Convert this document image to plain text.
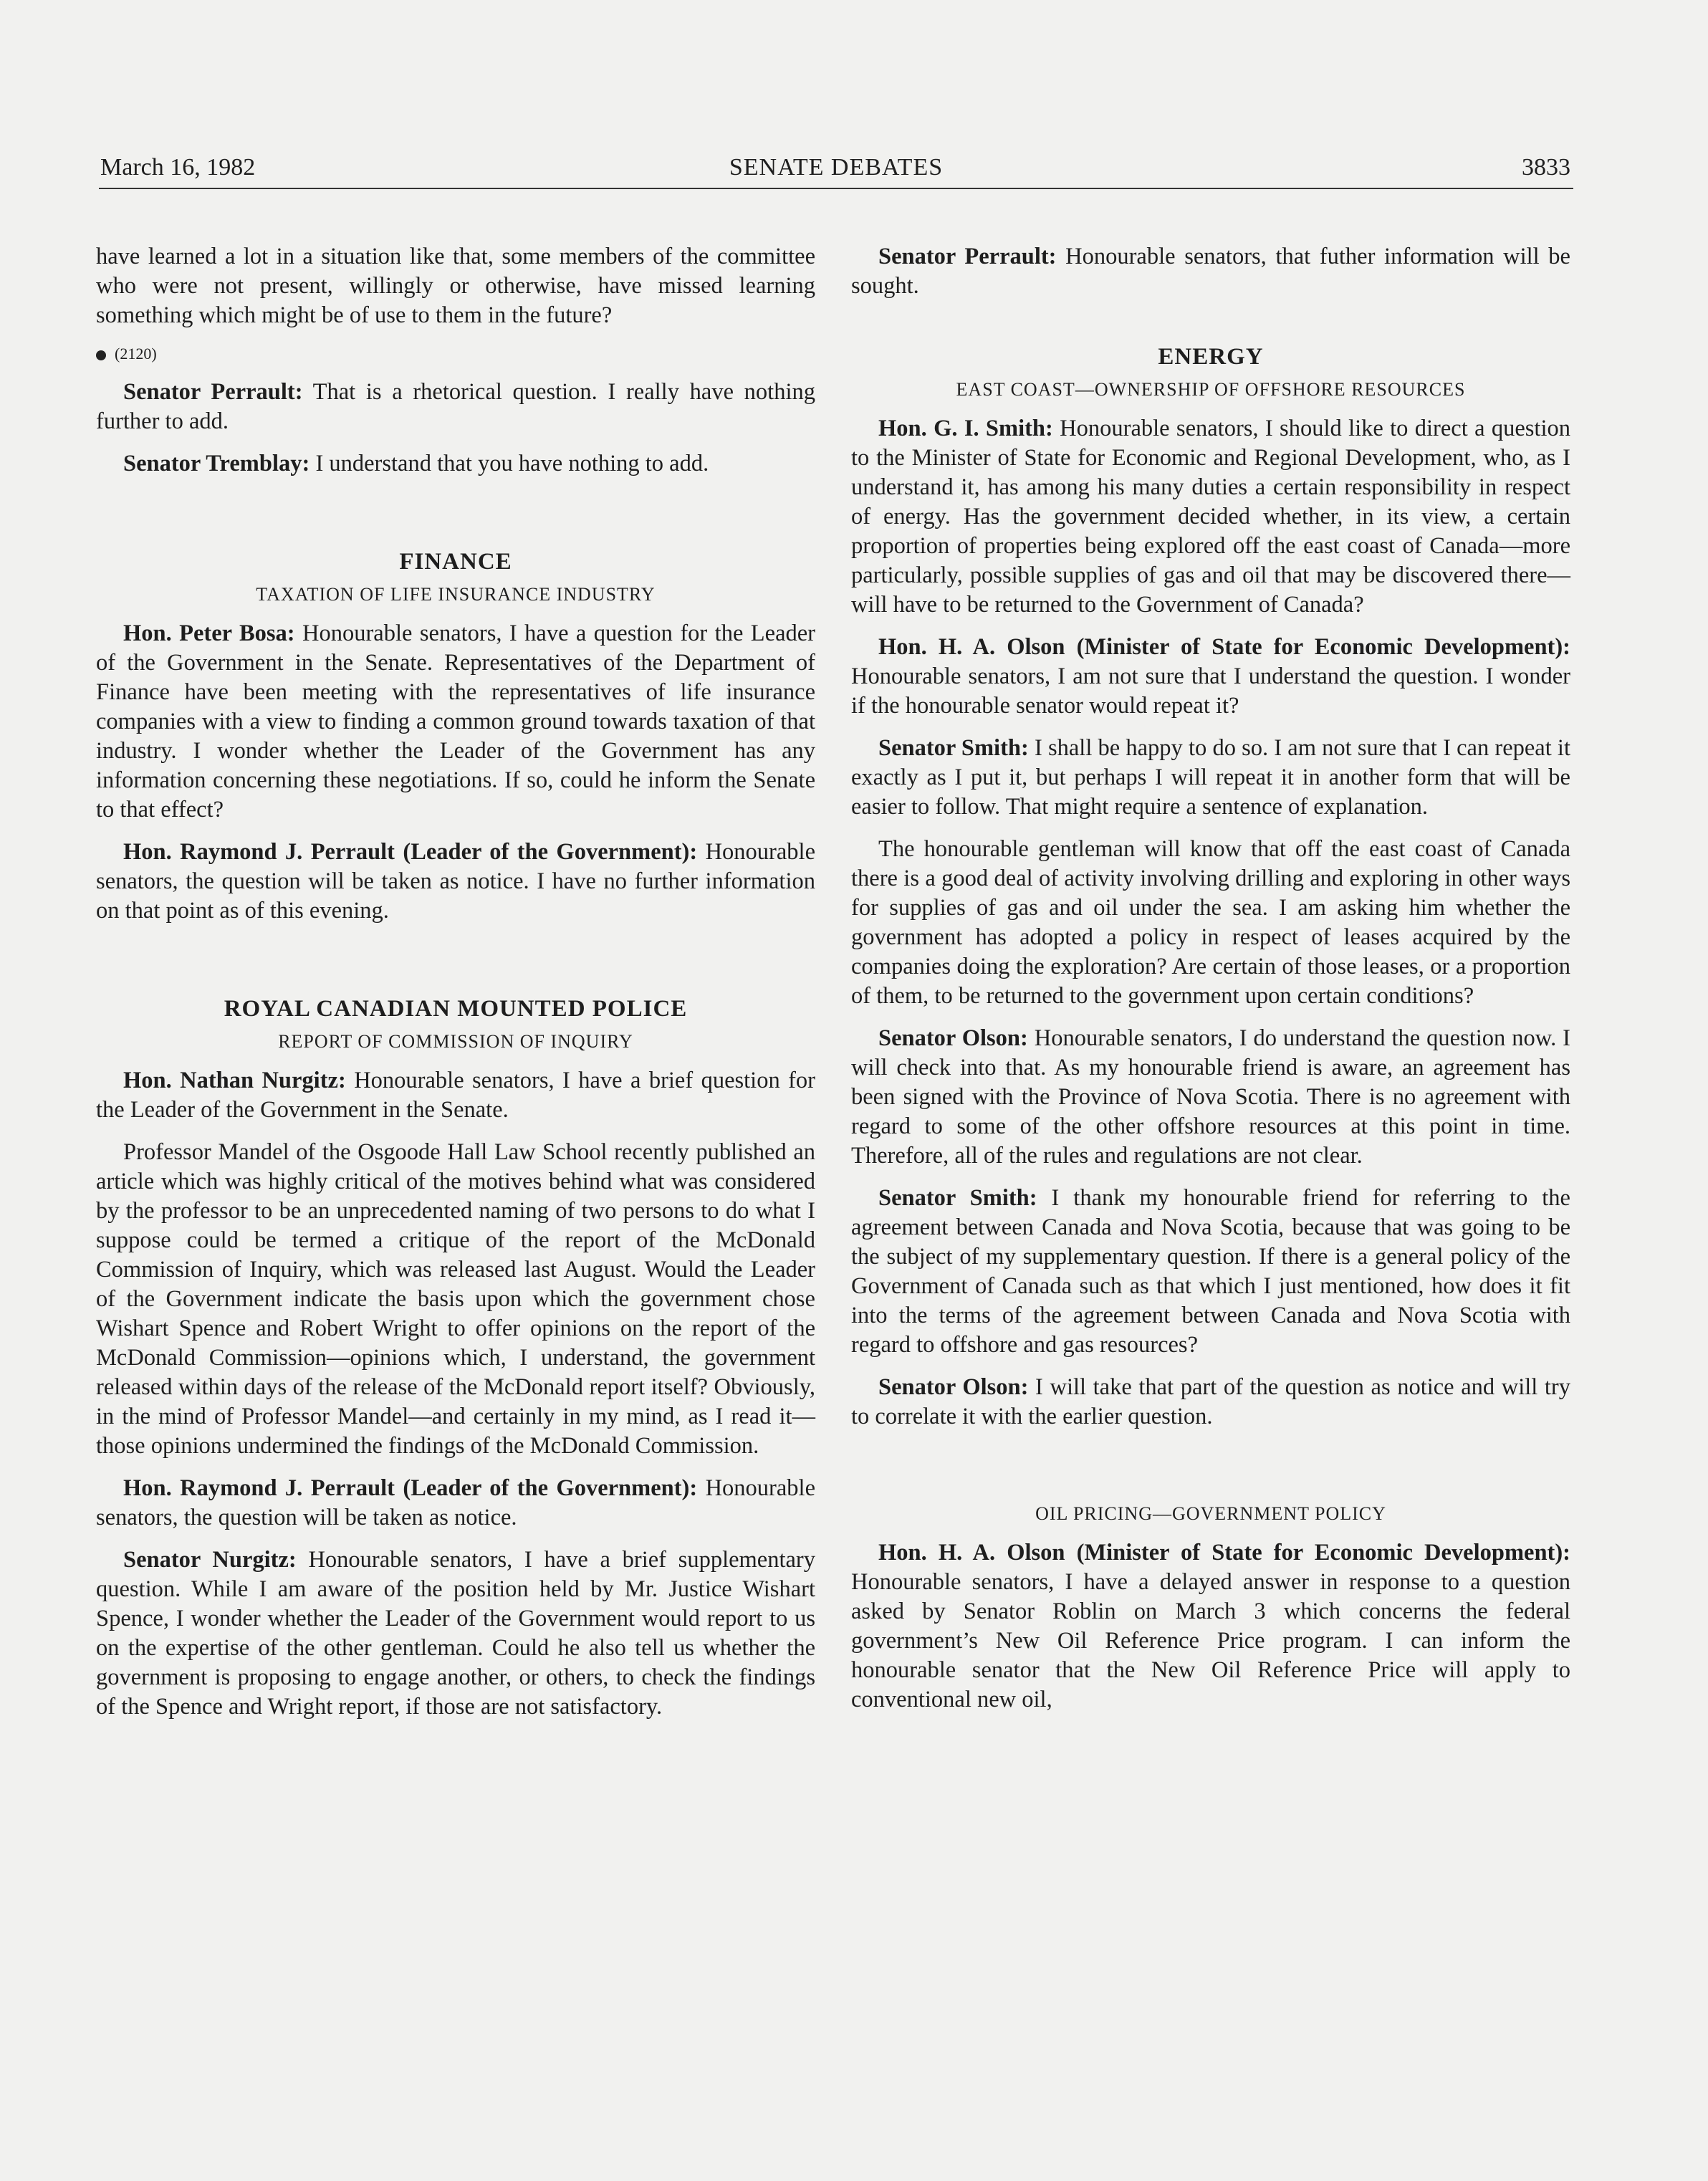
March 16, 1982	SENATE DEBATES	3833

have learned a lot in a situation like that, some members of the committee who were not present, willingly or otherwise, have missed learning something which might be of use to them in the future?

(2120)

Senator Perrault: That is a rhetorical question. I really have nothing further to add.

Senator Tremblay: I understand that you have nothing to add.

FINANCE
TAXATION OF LIFE INSURANCE INDUSTRY

Hon. Peter Bosa: Honourable senators, I have a question for the Leader of the Government in the Senate. Representatives of the Department of Finance have been meeting with the representatives of life insurance companies with a view to finding a common ground towards taxation of that industry. I wonder whether the Leader of the Government has any information concerning these negotiations. If so, could he inform the Senate to that effect?

Hon. Raymond J. Perrault (Leader of the Government): Honourable senators, the question will be taken as notice. I have no further information on that point as of this evening.

ROYAL CANADIAN MOUNTED POLICE
REPORT OF COMMISSION OF INQUIRY

Hon. Nathan Nurgitz: Honourable senators, I have a brief question for the Leader of the Government in the Senate.

Professor Mandel of the Osgoode Hall Law School recently published an article which was highly critical of the motives behind what was considered by the professor to be an unprecedented naming of two persons to do what I suppose could be termed a critique of the report of the McDonald Commission of Inquiry, which was released last August. Would the Leader of the Government indicate the basis upon which the government chose Wishart Spence and Robert Wright to offer opinions on the report of the McDonald Commission—opinions which, I understand, the government released within days of the release of the McDonald report itself? Obviously, in the mind of Professor Mandel—and certainly in my mind, as I read it—those opinions undermined the findings of the McDonald Commission.

Hon. Raymond J. Perrault (Leader of the Government): Honourable senators, the question will be taken as notice.

Senator Nurgitz: Honourable senators, I have a brief supplementary question. While I am aware of the position held by Mr. Justice Wishart Spence, I wonder whether the Leader of the Government would report to us on the expertise of the other gentleman. Could he also tell us whether the government is proposing to engage another, or others, to check the findings of the Spence and Wright report, if those are not satisfactory.

Senator Perrault: Honourable senators, that futher information will be sought.

ENERGY
EAST COAST—OWNERSHIP OF OFFSHORE RESOURCES

Hon. G. I. Smith: Honourable senators, I should like to direct a question to the Minister of State for Economic and Regional Development, who, as I understand it, has among his many duties a certain responsibility in respect of energy. Has the government decided whether, in its view, a certain proportion of properties being explored off the east coast of Canada—more particularly, possible supplies of gas and oil that may be discovered there—will have to be returned to the Government of Canada?

Hon. H. A. Olson (Minister of State for Economic Development): Honourable senators, I am not sure that I understand the question. I wonder if the honourable senator would repeat it?

Senator Smith: I shall be happy to do so. I am not sure that I can repeat it exactly as I put it, but perhaps I will repeat it in another form that will be easier to follow. That might require a sentence of explanation.

The honourable gentleman will know that off the east coast of Canada there is a good deal of activity involving drilling and exploring in other ways for supplies of gas and oil under the sea. I am asking him whether the government has adopted a policy in respect of leases acquired by the companies doing the exploration? Are certain of those leases, or a proportion of them, to be returned to the government upon certain conditions?

Senator Olson: Honourable senators, I do understand the question now. I will check into that. As my honourable friend is aware, an agreement has been signed with the Province of Nova Scotia. There is no agreement with regard to some of the other offshore resources at this point in time. Therefore, all of the rules and regulations are not clear.

Senator Smith: I thank my honourable friend for referring to the agreement between Canada and Nova Scotia, because that was going to be the subject of my supplementary question. If there is a general policy of the Government of Canada such as that which I just mentioned, how does it fit into the terms of the agreement between Canada and Nova Scotia with regard to offshore and gas resources?

Senator Olson: I will take that part of the question as notice and will try to correlate it with the earlier question.

OIL PRICING—GOVERNMENT POLICY

Hon. H. A. Olson (Minister of State for Economic Development): Honourable senators, I have a delayed answer in response to a question asked by Senator Roblin on March 3 which concerns the federal government’s New Oil Reference Price program. I can inform the honourable senator that the New Oil Reference Price will apply to conventional new oil,
